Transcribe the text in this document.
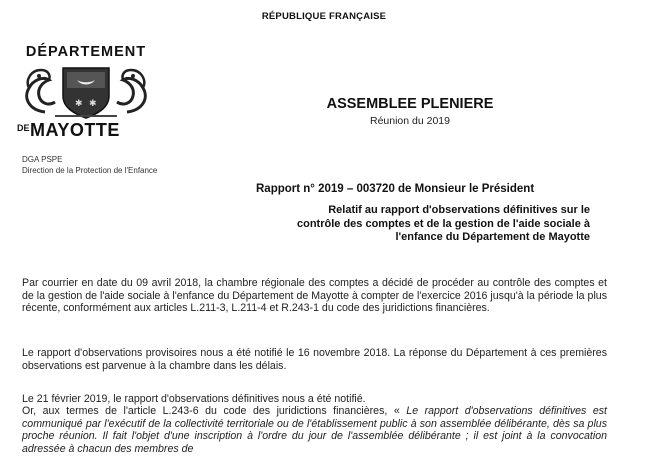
RÉPUBLIQUE FRANÇAISE
DÉPARTEMENT
✱ ✱
DE MAYOTTE
DGA PSPE
Direction de la Protection de l'Enfance
ASSEMBLEE PLENIERE
Réunion du 2019
Rapport n° 2019 – 003720 de Monsieur le Président
Relatif au rapport d'observations définitives sur le
contrôle des comptes et de la gestion de l'aide sociale à
l'enfance du Département de Mayotte
Par courrier en date du 09 avril 2018, la chambre régionale des comptes a décidé de procéder au contrôle des comptes et de la gestion de l'aide sociale à l'enfance du Département de Mayotte à compter de l'exercice 2016 jusqu'à la période la plus récente, conformément aux articles L.211-3, L.211-4 et R.243-1 du code des juridictions financières.
Le rapport d'observations provisoires nous a été notifié le 16 novembre 2018. La réponse du Département à ces premières observations est parvenue à la chambre dans les délais.
Le 21 février 2019, le rapport d'observations définitives nous a été notifié.
Or, aux termes de l'article L.243-6 du code des juridictions financières, « Le rapport d'observations définitives est communiqué par l'exécutif de la collectivité territoriale ou de l'établissement public à son assemblée délibérante, dès sa plus proche réunion. Il fait l'objet d'une inscription à l'ordre du jour de l'assemblée délibérante ; il est joint à la convocation adressée à chacun des membres de
